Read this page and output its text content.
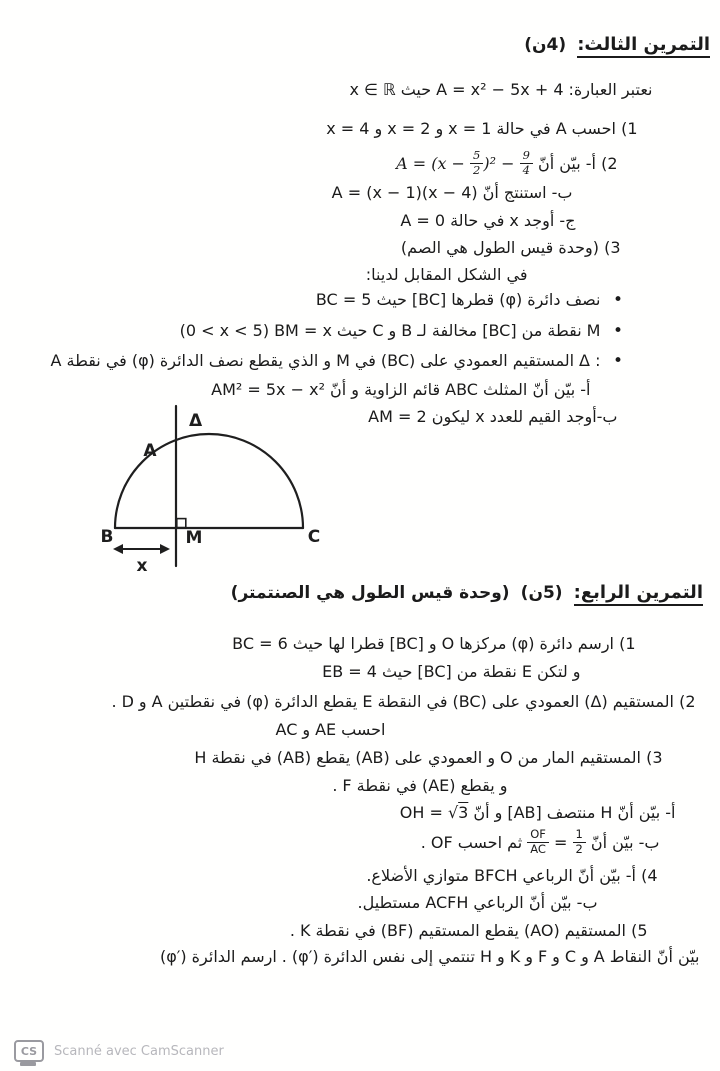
التمرين الثالث: (4ن)
نعتبر العبارة:A = x² − 5x + 4حيثx ∈ ℝ
1) احسبAفي حالةx = 1وx = 2وx = 4
2) أ- بيّن أنّA = $(x - \frac{5}{2} )^2 - \frac{9}{4}$
ب- استنتج أنّA = (x − 1)(x − 4)
ج- أوجدxفي حالةA = 0
3) (وحدة قيس الطول هي الصم)
في الشكل المقابل لدينا:
• نصف دائرة(φ)قطرها[BC]حيثBC = 5
• Mنقطة من[BC]مخالفة لـBوCحيثBM = x(0 < x < 5)
• Δ :المستقيم العمودي على(BC)فيMو الذي يقطع نصف الدائرة(φ)في نقطةA
أ- بيّن أنّ المثلثABCقائم الزاوية و أنّAM² = 5x − x²
ب-أوجد القيم للعددxليكونAM = 2
Δ
A
B	M	C
x
التمرين الرابع: (5ن) (وحدة قيس الطول هي الصنتمتر)
1) ارسم دائرة(φ)مركزهاOو[BC]قطرا لها حيثBC = 6
و لتكنEنقطة من[BC]حيثEB = 4
2) المستقيم(Δ)العمودي على(BC)في النقطةEيقطع الدائرة(φ)في نقطتينAوD.
احسبAEوAC
3) المستقيم المار منOو العمودي على(AB)يقطع(AB)في نقطةH
و يقطع(AE)في نقطةF.
أ- بيّن أنّHمنتصف[AB]و أنّOH = √3
ب- بيّن أنّ
$\frac{OF}{AC} = \frac{1}{2}$
ثم احسبOF.
4) أ- بيّن أنّ الرباعيBFCHمتوازي الأضلاع.
ب- بيّن أنّ الرباعيACFHمستطيل.
5) المستقيم(AO)يقطع المستقيم(BF)في نقطةK.
بيّن أنّ النقاطAوCوFوKوHتنتمي إلى نفس الدائرة(φ′).ارسم الدائرة(φ′)
CS	Scanné avec CamScanner
